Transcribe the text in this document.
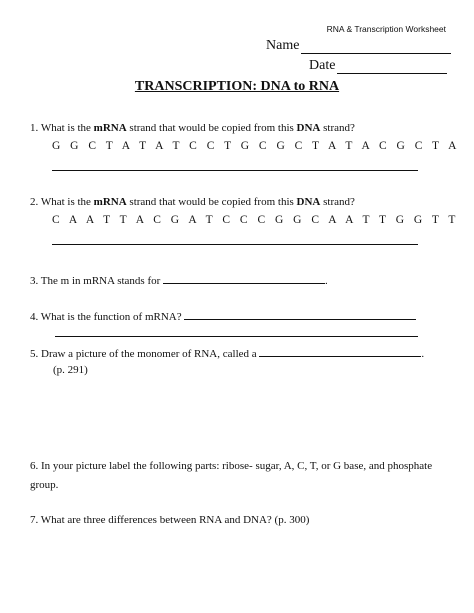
RNA & Transcription Worksheet
Name
Date
TRANSCRIPTION: DNA to RNA
1. What is the mRNA strand that would be copied from this DNA strand?
G G C T A T A T C C T G C G C T A T A C G C T A
2. What is the mRNA strand that would be copied from this DNA strand?
C A A T T A C G A T C C C G G C A A T T G G T T
3. The m in mRNA stands for	.
4. What is the function of mRNA?
5. Draw a picture of the monomer of RNA, called a	.
(p. 291)
6. In your picture label the following parts: ribose- sugar, A, C, T, or G base, and phosphate
group.
7. What are three differences between RNA and DNA? (p. 300)
